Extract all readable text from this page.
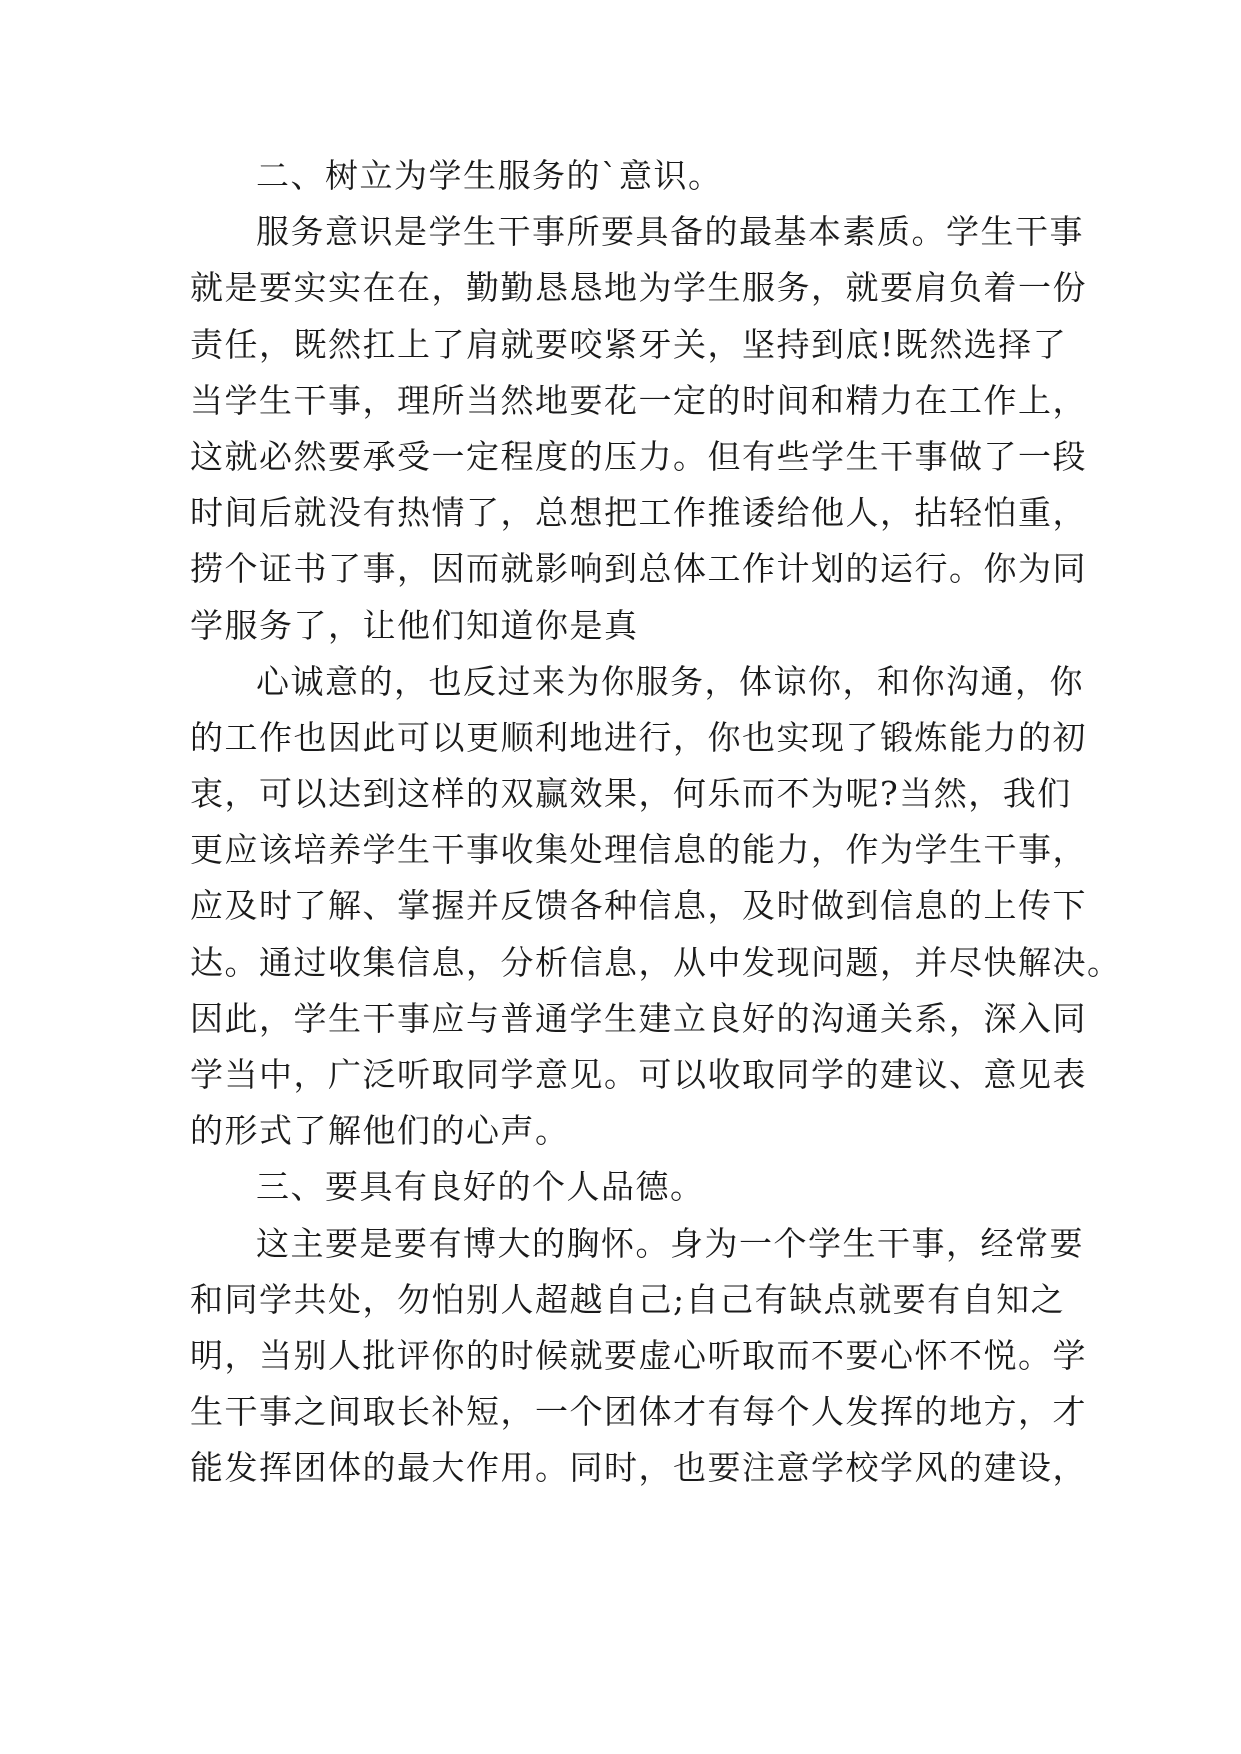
二、树立为学生服务的`意识。
服务意识是学生干事所要具备的最基本素质。学生干事
就是要实实在在，勤勤恳恳地为学生服务，就要肩负着一份
责任，既然扛上了肩就要咬紧牙关，坚持到底!既然选择了
当学生干事，理所当然地要花一定的时间和精力在工作上，
这就必然要承受一定程度的压力。但有些学生干事做了一段
时间后就没有热情了，总想把工作推诿给他人，拈轻怕重，
捞个证书了事，因而就影响到总体工作计划的运行。你为同
学服务了，让他们知道你是真
心诚意的，也反过来为你服务，体谅你，和你沟通，你
的工作也因此可以更顺利地进行，你也实现了锻炼能力的初
衷，可以达到这样的双赢效果，何乐而不为呢?当然，我们
更应该培养学生干事收集处理信息的能力，作为学生干事，
应及时了解、掌握并反馈各种信息，及时做到信息的上传下
达。通过收集信息，分析信息，从中发现问题，并尽快解决。
因此，学生干事应与普通学生建立良好的沟通关系，深入同
学当中，广泛听取同学意见。可以收取同学的建议、意见表
的形式了解他们的心声。
三、要具有良好的个人品德。
这主要是要有博大的胸怀。身为一个学生干事，经常要
和同学共处，勿怕别人超越自己;自己有缺点就要有自知之
明，当别人批评你的时候就要虚心听取而不要心怀不悦。学
生干事之间取长补短，一个团体才有每个人发挥的地方，才
能发挥团体的最大作用。同时，也要注意学校学风的建设，
